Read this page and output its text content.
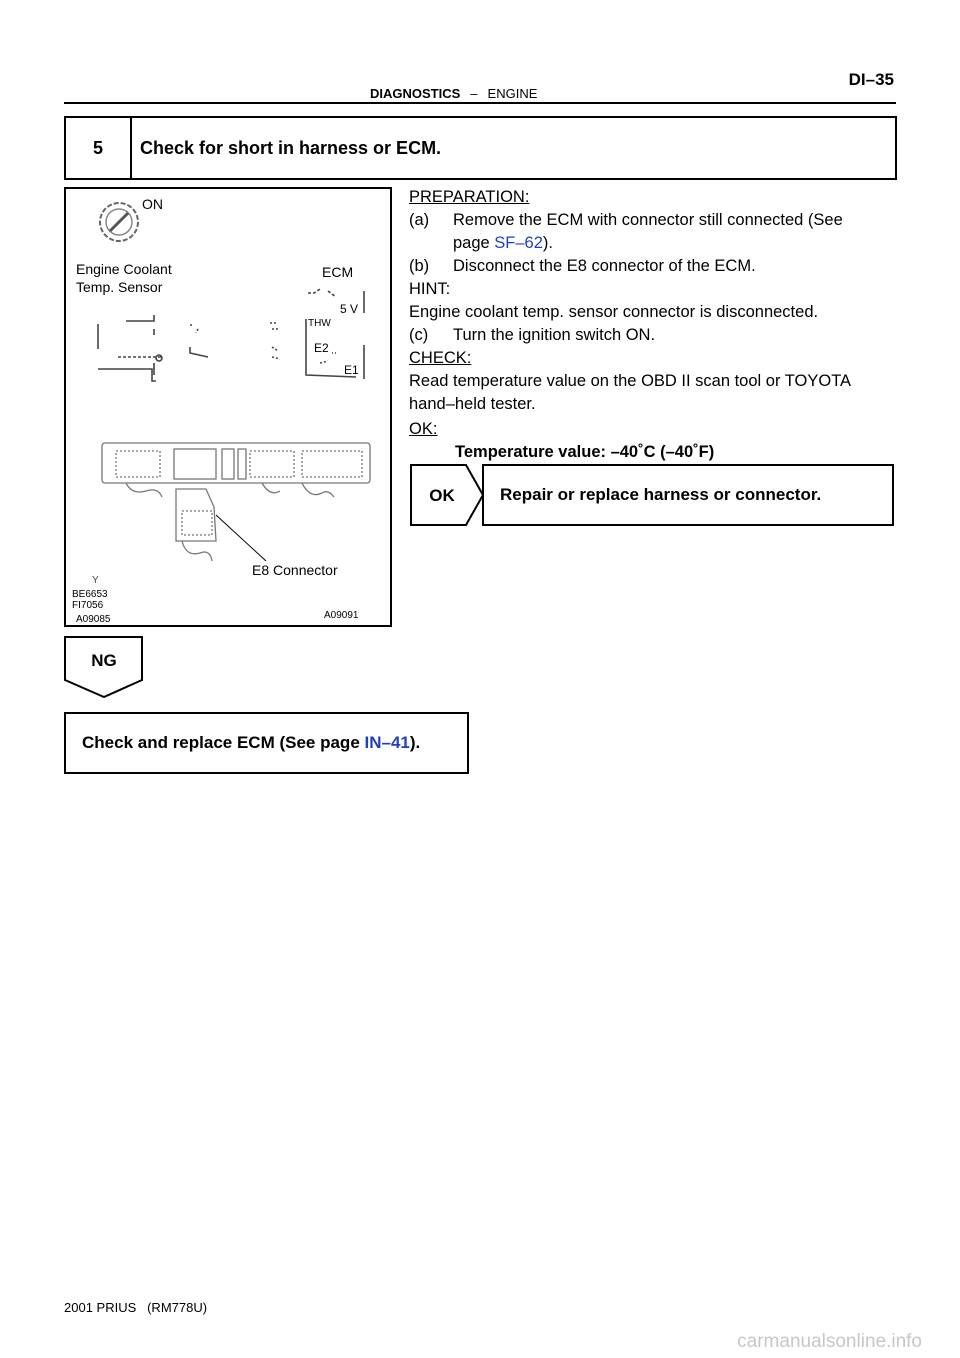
DIAGNOSTICS – ENGINE
DI–35
5	Check for short in harness or ECM.
ON
Engine Coolant
Temp. Sensor
ECM
5 V
THW
E2
E1
E8 Connector
Y
BE6653
FI7056
A09085	A09091

PREPARATION:

(a)	Remove the ECM with connector still connected (See

page SF–62).

(b)	Disconnect the E8 connector of the ECM.

HINT:

Engine coolant temp. sensor connector is disconnected.

(c)	Turn the ignition switch ON.

CHECK:

Read temperature value on the OBD II scan tool or TOYOTA

hand–held tester.

OK:

Temperature value: –40˚C (–40˚F)

OK	Repair or replace harness or connector.
NG
Check and replace ECM (See page IN–41 ).
2001 PRIUS   (RM778U)
carmanualsonline.info
